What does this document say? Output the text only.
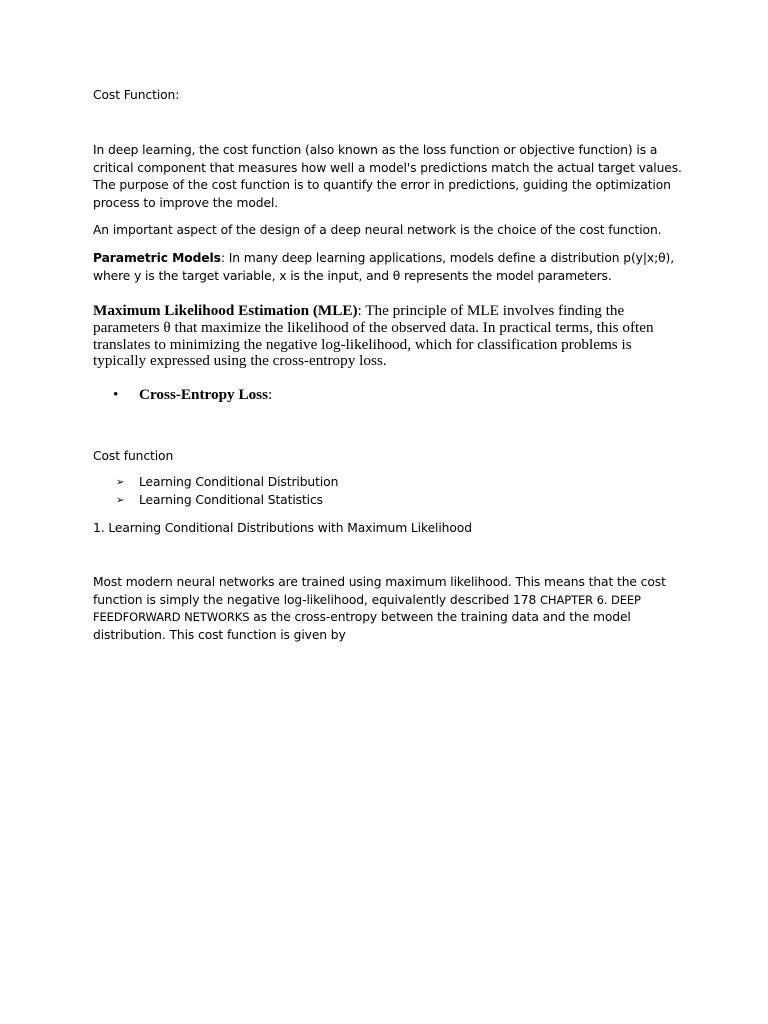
Cost Function:

In deep learning, the cost function (also known as the loss function or objective function) is a critical component that measures how well a model's predictions match the actual target values. The purpose of the cost function is to quantify the error in predictions, guiding the optimization process to improve the model.

An important aspect of the design of a deep neural network is the choice of the cost function.

Parametric Models: In many deep learning applications, models define a distribution p(y|x;θ), where y is the target variable, x is the input, and θ represents the model parameters.

Maximum Likelihood Estimation (MLE): The principle of MLE involves finding the parameters θ that maximize the likelihood of the observed data. In practical terms, this often translates to minimizing the negative log-likelihood, which for classification problems is typically expressed using the cross-entropy loss.

• Cross-Entropy Loss:

Cost function

➢ Learning Conditional Distribution
➢ Learning Conditional Statistics

1. Learning Conditional Distributions with Maximum Likelihood

Most modern neural networks are trained using maximum likelihood. This means that the cost function is simply the negative log-likelihood, equivalently described 178 CHAPTER 6. DEEP FEEDFORWARD NETWORKS as the cross-entropy between the training data and the model distribution. This cost function is given by
